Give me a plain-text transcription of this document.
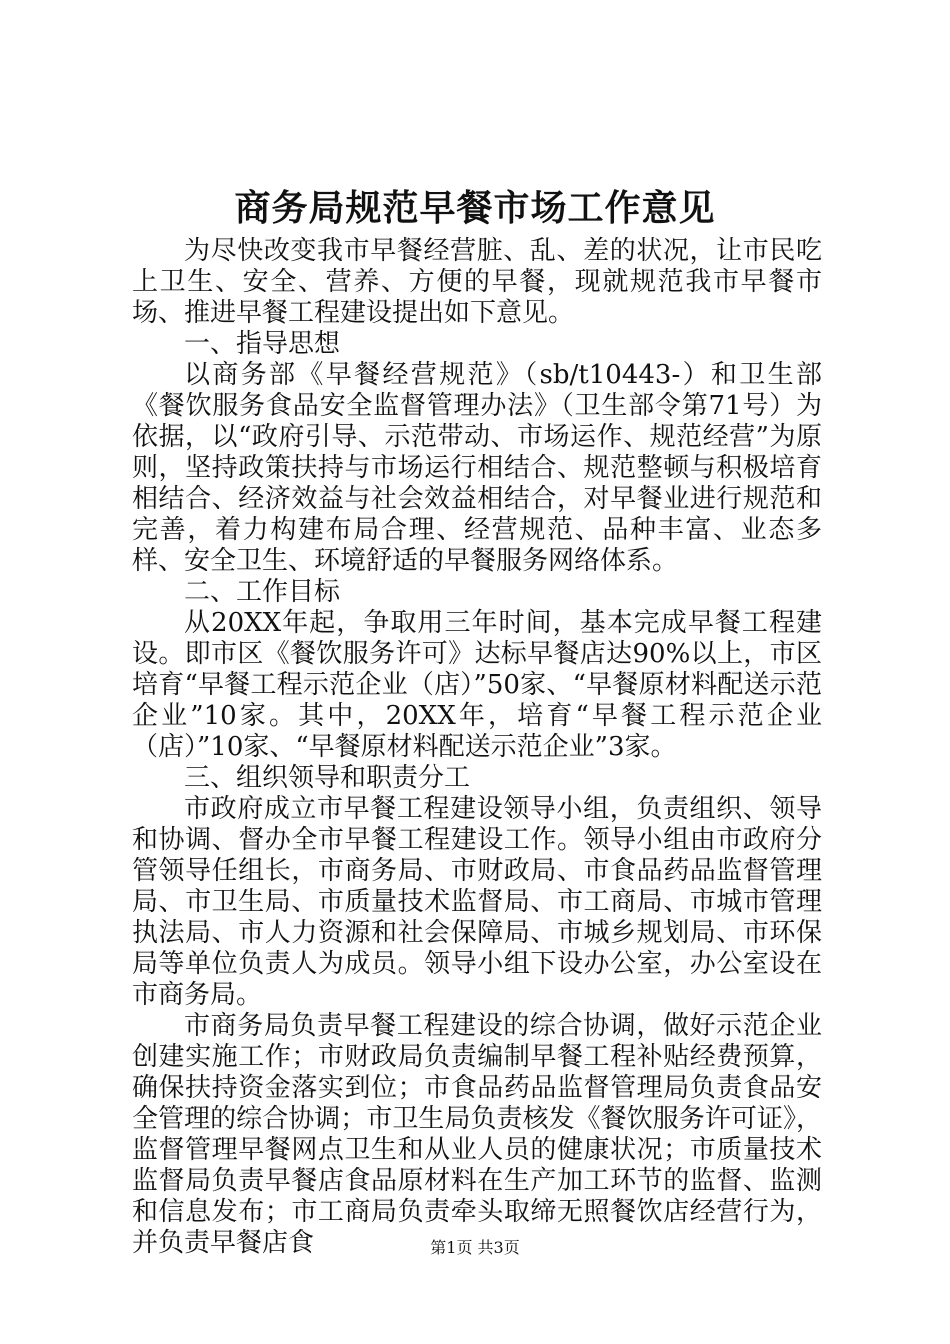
商务局规范早餐市场工作意见

为尽快改变我市早餐经营脏、乱、差的状况，让市民吃上卫生、安全、营养、方便的早餐，现就规范我市早餐市场、推进早餐工程建设提出如下意见。

一、指导思想

以商务部《早餐经营规范》（sb/t10443-）和卫生部《餐饮服务食品安全监督管理办法》（卫生部令第71号）为依据，以“政府引导、示范带动、市场运作、规范经营”为原则，坚持政策扶持与市场运行相结合、规范整顿与积极培育相结合、经济效益与社会效益相结合，对早餐业进行规范和完善，着力构建布局合理、经营规范、品种丰富、业态多样、安全卫生、环境舒适的早餐服务网络体系。

二、工作目标

从20XX年起，争取用三年时间，基本完成早餐工程建设。即市区《餐饮服务许可》达标早餐店达90%以上，市区培育“早餐工程示范企业（店）”50家、“早餐原材料配送示范企业”10家。其中，20XX年，培育“早餐工程示范企业（店）”10家、“早餐原材料配送示范企业”3家。

三、组织领导和职责分工

市政府成立市早餐工程建设领导小组，负责组织、领导和协调、督办全市早餐工程建设工作。领导小组由市政府分管领导任组长，市商务局、市财政局、市食品药品监督管理局、市卫生局、市质量技术监督局、市工商局、市城市管理执法局、市人力资源和社会保障局、市城乡规划局、市环保局等单位负责人为成员。领导小组下设办公室，办公室设在市商务局。

市商务局负责早餐工程建设的综合协调，做好示范企业创建实施工作；市财政局负责编制早餐工程补贴经费预算，确保扶持资金落实到位；市食品药品监督管理局负责食品安全管理的综合协调；市卫生局负责核发《餐饮服务许可证》，监督管理早餐网点卫生和从业人员的健康状况；市质量技术监督局负责早餐店食品原材料在生产加工环节的监督、监测和信息发布；市工商局负责牵头取缔无照餐饮店经营行为，并负责早餐店食	第1页 共3页
